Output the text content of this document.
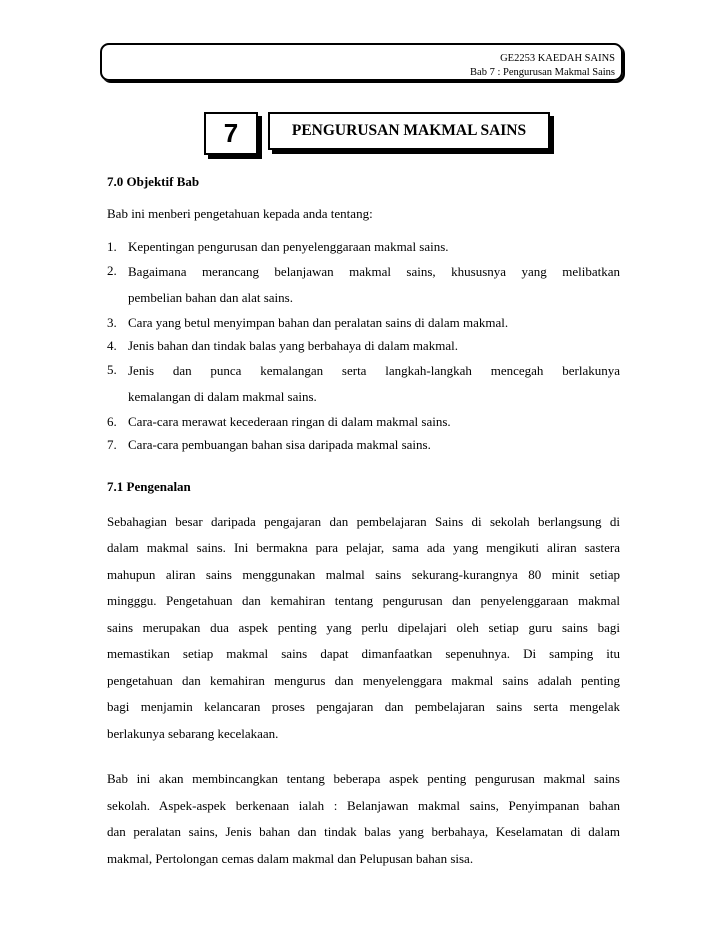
GE2253 KAEDAH SAINS
Bab 7 : Pengurusan Makmal Sains
7	PENGURUSAN MAKMAL SAINS
7.0 Objektif Bab
Bab ini menberi pengetahuan kepada anda tentang:
1. Kepentingan pengurusan dan penyelenggaraan makmal sains.
2. Bagaimana merancang belanjawan makmal sains, khususnya yang melibatkan
pembelian bahan dan alat sains.
3. Cara yang betul menyimpan bahan dan peralatan sains di dalam makmal.
4. Jenis bahan dan tindak balas yang berbahaya di dalam makmal.
5. Jenis dan punca kemalangan serta langkah-langkah mencegah berlakunya
kemalangan di dalam makmal sains.
6. Cara-cara merawat kecederaan ringan di dalam makmal sains.
7. Cara-cara pembuangan bahan sisa daripada makmal sains.
7.1 Pengenalan
Sebahagian besar daripada pengajaran dan pembelajaran Sains di sekolah berlangsung di
dalam makmal sains. Ini bermakna para pelajar, sama ada yang mengikuti aliran sastera
mahupun aliran sains menggunakan malmal sains sekurang-kurangnya 80 minit setiap
mingggu. Pengetahuan dan kemahiran tentang pengurusan dan penyelenggaraan makmal
sains merupakan dua aspek penting yang perlu dipelajari oleh setiap guru sains bagi
memastikan setiap makmal sains dapat dimanfaatkan sepenuhnya. Di samping itu
pengetahuan dan kemahiran mengurus dan menyelenggara makmal sains adalah penting
bagi menjamin kelancaran proses pengajaran dan pembelajaran sains serta mengelak
berlakunya sebarang kecelakaan.
Bab ini akan membincangkan tentang beberapa aspek penting pengurusan makmal sains
sekolah. Aspek-aspek berkenaan ialah : Belanjawan makmal sains, Penyimpanan bahan
dan peralatan sains, Jenis bahan dan tindak balas yang berbahaya, Keselamatan di dalam
makmal, Pertolongan cemas dalam makmal dan Pelupusan bahan sisa.
